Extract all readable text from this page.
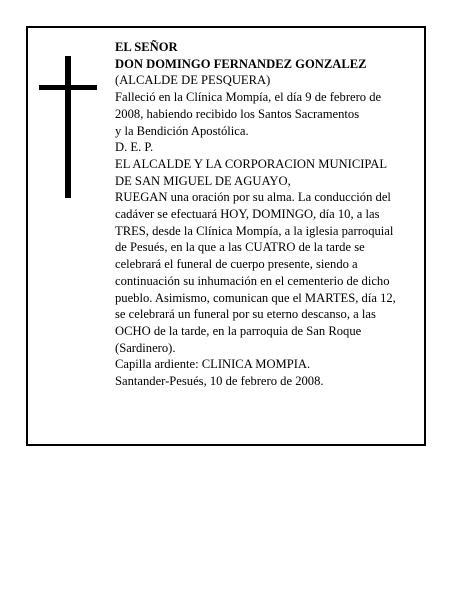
EL SEÑOR
DON DOMINGO FERNANDEZ GONZALEZ
(ALCALDE DE PESQUERA)
Falleció en la Clínica Mompía, el día 9 de febrero de
2008, habiendo recibido los Santos Sacramentos
y la Bendición Apostólica.
D. E. P.
EL ALCALDE Y LA CORPORACION MUNICIPAL
DE SAN MIGUEL DE AGUAYO,
RUEGAN una oración por su alma. La conducción del
cadáver se efectuará HOY, DOMINGO, día 10, a las
TRES, desde la Clínica Mompía, a la iglesia parroquial
de Pesués, en la que a las CUATRO de la tarde se
celebrará el funeral de cuerpo presente, siendo a
continuación su inhumación en el cementerio de dicho
pueblo. Asimismo, comunican que el MARTES, día 12,
se celebrará un funeral por su eterno descanso, a las
OCHO de la tarde, en la parroquia de San Roque
(Sardinero).
Capilla ardiente: CLINICA MOMPIA.
Santander-Pesués, 10 de febrero de 2008.
